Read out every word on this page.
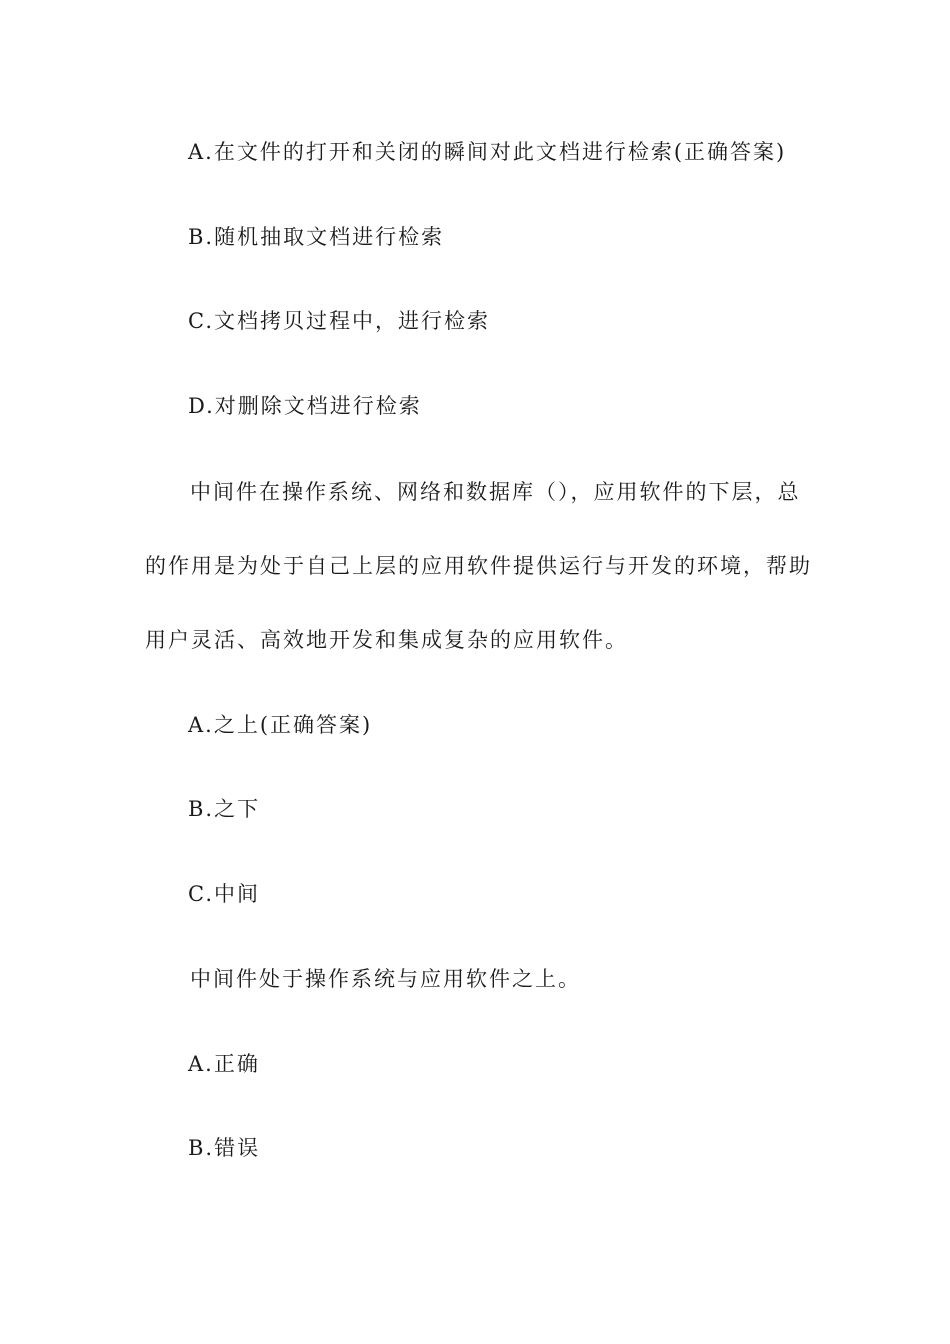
A.在文件的打开和关闭的瞬间对此文档进行检索(正确答案)
B.随机抽取文档进行检索
C.文档拷贝过程中，进行检索
D.对删除文档进行检索
中间件在操作系统、网络和数据库（），应用软件的下层，总
的作用是为处于自己上层的应用软件提供运行与开发的环境，帮助
用户灵活、高效地开发和集成复杂的应用软件。
A.之上(正确答案)
B.之下
C.中间
中间件处于操作系统与应用软件之上。
A.正确
B.错误
